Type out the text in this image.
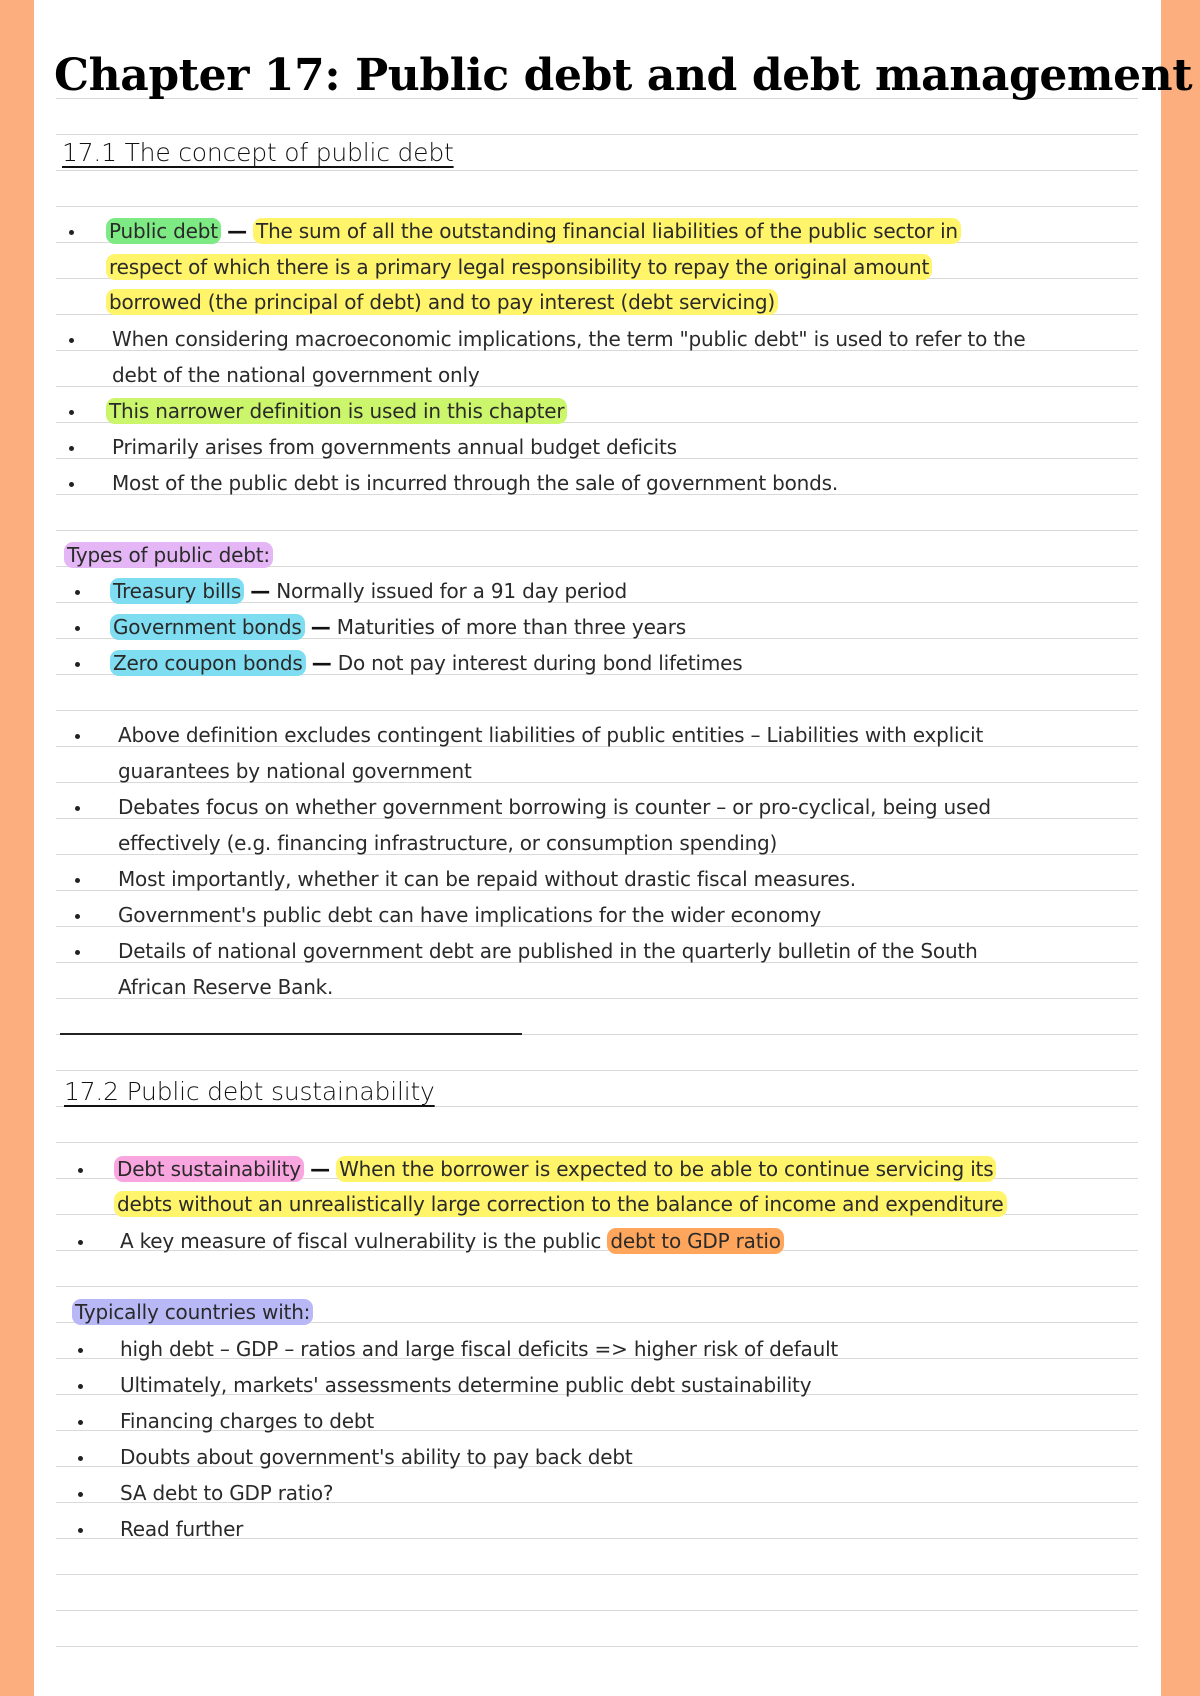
Chapter 17: Public debt and debt management
17.1 The concept of public debt
Public debt — The sum of all the outstanding financial liabilities of the public sector in
respect of which there is a primary legal responsibility to repay the original amount
borrowed (the principal of debt) and to pay interest (debt servicing)
When considering macroeconomic implications, the term "public debt" is used to refer to the
debt of the national government only
This narrower definition is used in this chapter
Primarily arises from governments annual budget deficits
Most of the public debt is incurred through the sale of government bonds.
Types of public debt:
Treasury bills — Normally issued for a 91 day period
Government bonds — Maturities of more than three years
Zero coupon bonds — Do not pay interest during bond lifetimes
Above definition excludes contingent liabilities of public entities – Liabilities with explicit
guarantees by national government
Debates focus on whether government borrowing is counter – or pro-cyclical, being used
effectively (e.g. financing infrastructure, or consumption spending)
Most importantly, whether it can be repaid without drastic fiscal measures.
Government's public debt can have implications for the wider economy
Details of national government debt are published in the quarterly bulletin of the South
African Reserve Bank.
17.2 Public debt sustainability
Debt sustainability — When the borrower is expected to be able to continue servicing its
debts without an unrealistically large correction to the balance of income and expenditure
A key measure of fiscal vulnerability is the public debt to GDP ratio
Typically countries with:
high debt – GDP – ratios and large fiscal deficits => higher risk of default
Ultimately, markets' assessments determine public debt sustainability
Financing charges to debt
Doubts about government's ability to pay back debt
SA debt to GDP ratio?
Read further
